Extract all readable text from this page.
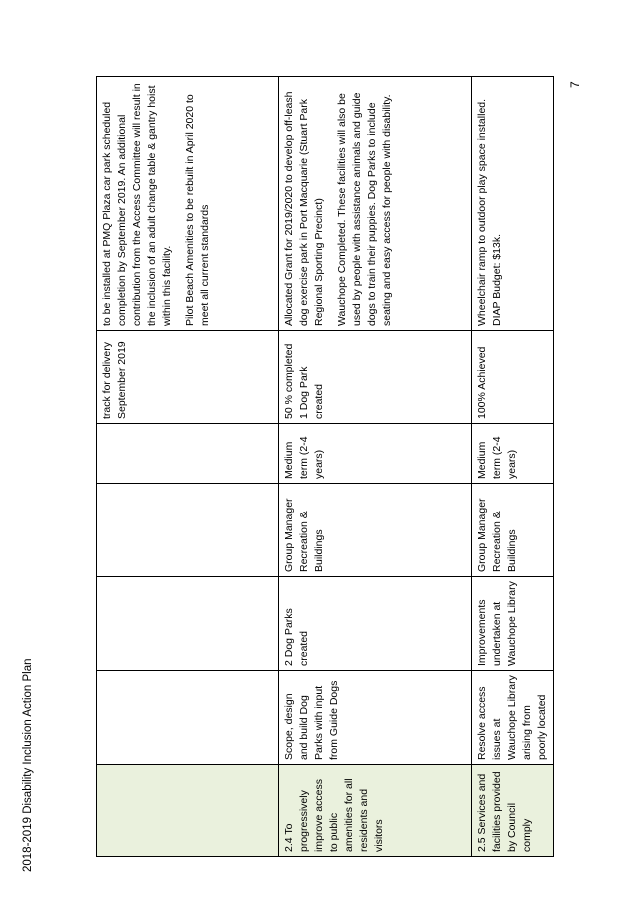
7
					track for delivery September 2019	to be installed at PMQ Plaza car park scheduled completion by September 2019. An additional contribution from the Access Committee will result in the inclusion of an adult change table & gantry hoist within this facility. Pilot Beach Amenities to be rebuilt in April 2020 to meet all current standards

2.4 To progressively improve access to public amenities for all residents and visitors	Scope, design and build Dog Parks with input from Guide Dogs	2 Dog Parks created	Group Manager Recreation & Buildings	Medium term (2-4 years)	50 % completed 1 Dog Park created	Allocated Grant for 2019/2020 to develop off-leash dog exercise park in Port Macquarie (Stuart Park Regional Sporting Precinct) Wauchope Completed. These facilities will also be used by people with assistance animals and guide dogs to train their puppies. Dog Parks to include seating and easy access for people with disability.

2.5 Services and facilities provided by Council comply	Resolve access issues at Wauchope Library arising from poorly located	Improvements undertaken at Wauchope Library	Group Manager Recreation & Buildings	Medium term (2-4 years)	100% Achieved	Wheelchair ramp to outdoor play space installed. DIAP Budget: $13k.

2018-2019 Disability Inclusion Action Plan
